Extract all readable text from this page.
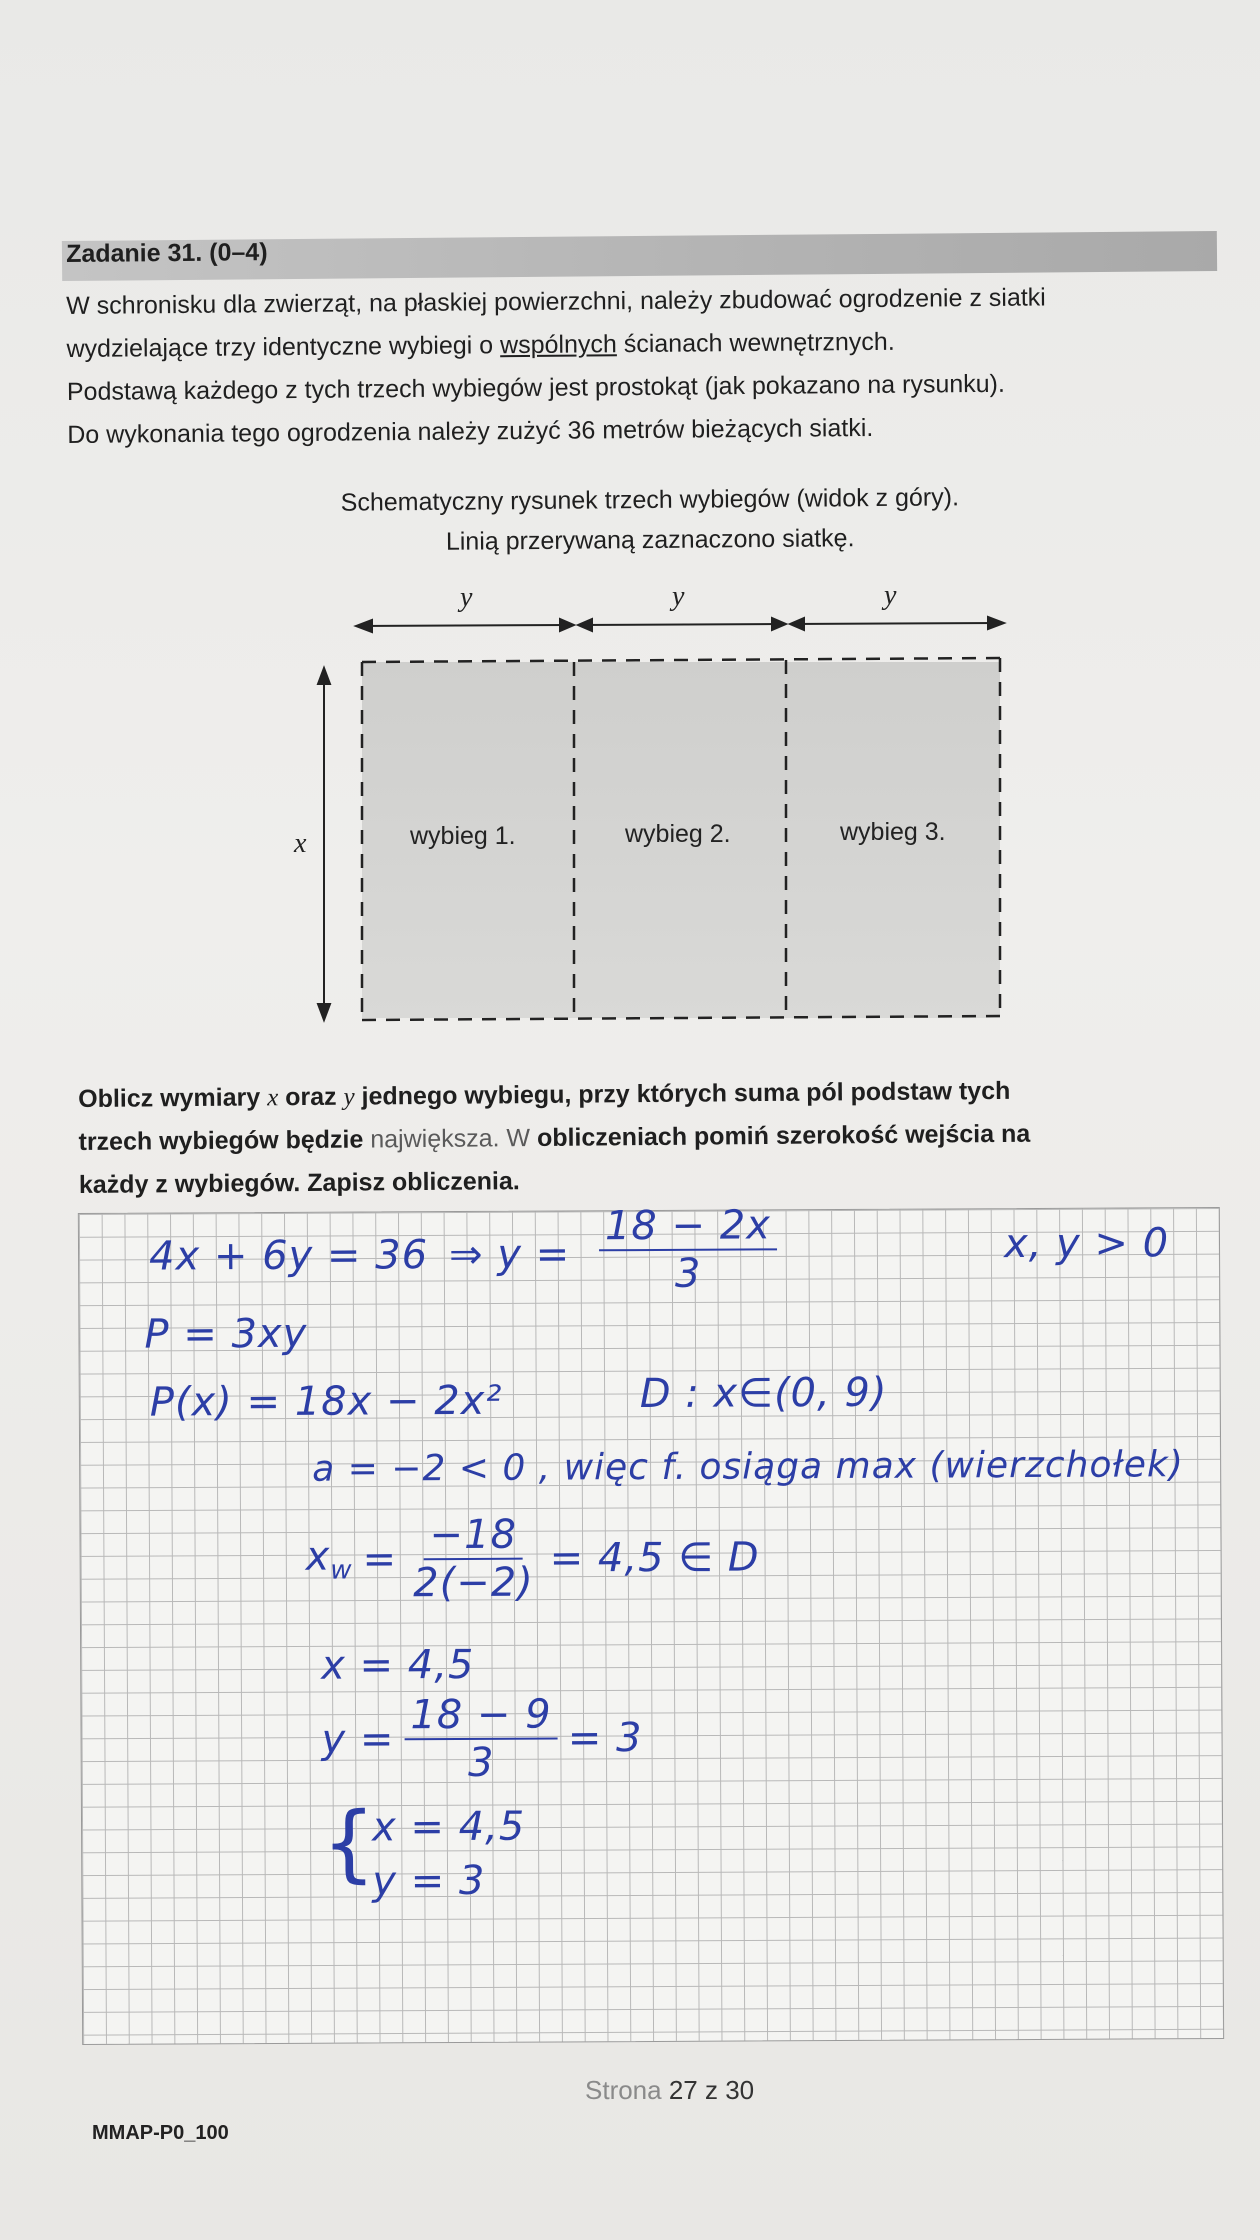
Zadanie 31. (0–4)

W schronisku dla zwierząt, na płaskiej powierzchni, należy zbudować ogrodzenie z siatki

wydzielające trzy identyczne wybiegi o wspólnych ścianach wewnętrznych.

Podstawą każdego z tych trzech wybiegów jest prostokąt (jak pokazano na rysunku).

Do wykonania tego ogrodzenia należy zużyć 36 metrów bieżących siatki.

Schematyczny rysunek trzech wybiegów (widok z góry).

Linią przerywaną zaznaczono siatkę.

y	y	y
x	wybieg 1.	wybieg 2.	wybieg 3.

Oblicz wymiary x oraz y jednego wybiegu, przy których suma pól podstaw tych

trzech wybiegów będzie największa. W obliczeniach pomiń szerokość wejścia na

każdy z wybiegów. Zapisz obliczenia.

4x + 6y = 36 ⇒ $y = \frac{18 - 2x}{3}$	x, y > 0
P = 3xy
P(x) = 18x − 2x²	D : x∈(0, 9)
a = −2 < 0 , więc f. osiąga max (wierzchołek)
$x_w = \frac{-18}{2(-2)} = 4,5$ ∈ D
x = 4,5
$y = \frac{18 - 9}{3} = 3$
{
x = 4,5
y = 3
Strona 27 z 30
MMAP-P0_100
